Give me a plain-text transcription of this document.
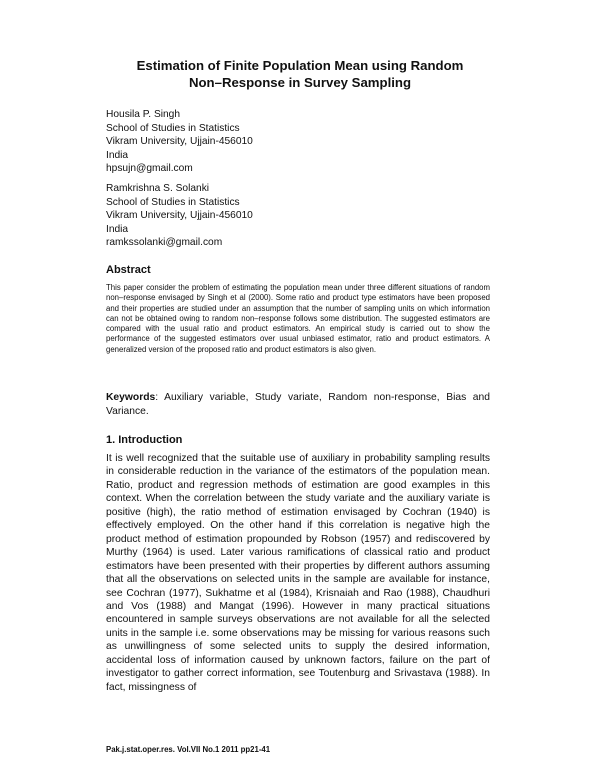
Estimation of Finite Population Mean using Random
Non–Response in Survey Sampling
Housila P. Singh
School of Studies in Statistics
Vikram University, Ujjain-456010
India
hpsujn@gmail.com
Ramkrishna S. Solanki
School of Studies in Statistics
Vikram University, Ujjain-456010
India
ramkssolanki@gmail.com
Abstract
This paper consider the problem of estimating the population mean under three different situations of random non–response envisaged by Singh et al (2000). Some ratio and product type estimators have been proposed and their properties are studied under an assumption that the number of sampling units on which information can not be obtained owing to random non–response follows some distribution. The suggested estimators are compared with the usual ratio and product estimators. An empirical study is carried out to show the performance of the suggested estimators over usual unbiased estimator, ratio and product estimators. A generalized version of the proposed ratio and product estimators is also given.
Keywords: Auxiliary variable, Study variate, Random non-response, Bias and Variance.
1. Introduction
It is well recognized that the suitable use of auxiliary in probability sampling results in considerable reduction in the variance of the estimators of the population mean. Ratio, product and regression methods of estimation are good examples in this context. When the correlation between the study variate and the auxiliary variate is positive (high), the ratio method of estimation envisaged by Cochran (1940) is effectively employed. On the other hand if this correlation is negative high the product method of estimation propounded by Robson (1957) and rediscovered by Murthy (1964) is used. Later various ramifications of classical ratio and product estimators have been presented with their properties by different authors assuming that all the observations on selected units in the sample are available for instance, see Cochran (1977), Sukhatme et al (1984), Krisnaiah and Rao (1988), Chaudhuri and Vos (1988) and Mangat (1996). However in many practical situations encountered in sample surveys observations are not available for all the selected units in the sample i.e. some observations may be missing for various reasons such as unwillingness of some selected units to supply the desired information, accidental loss of information caused by unknown factors, failure on the part of investigator to gather correct information, see Toutenburg and Srivastava (1988). In fact, missingness of
Pak.j.stat.oper.res. Vol.VII No.1 2011 pp21-41
